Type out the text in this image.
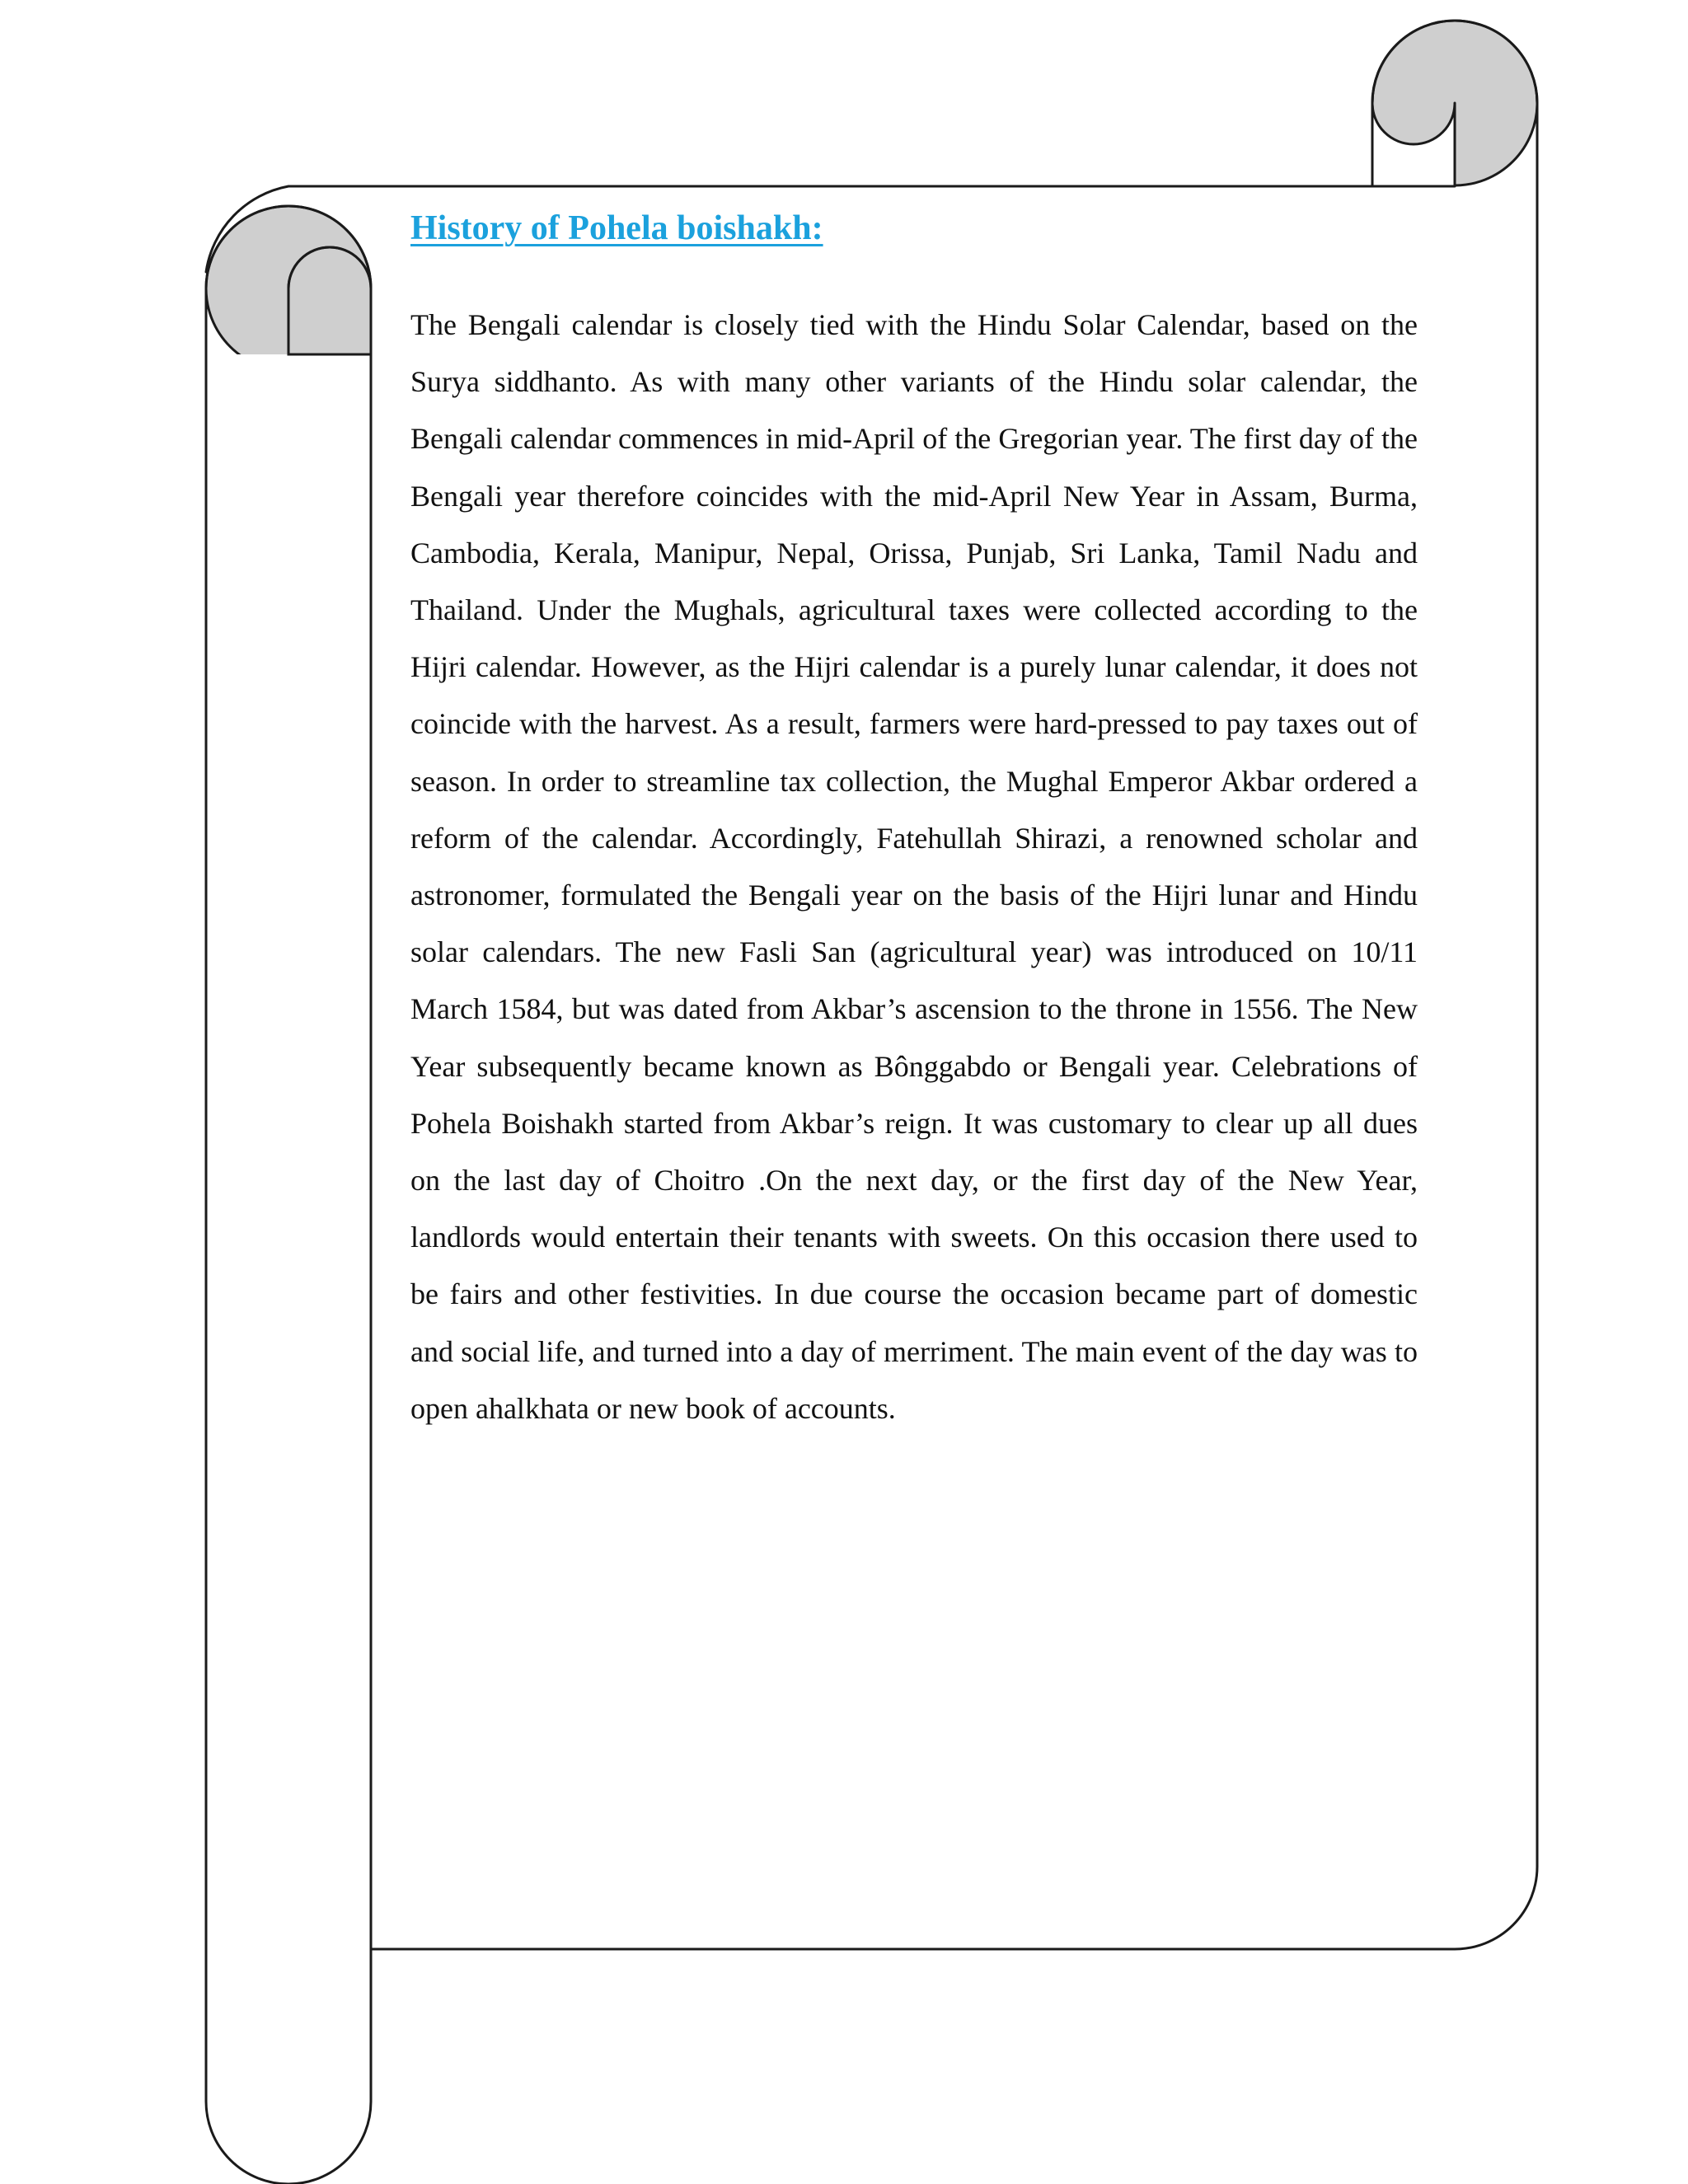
History of Pohela boishakh:

The Bengali calendar is closely tied with the Hindu Solar Calendar, based on the Surya siddhanto. As with many other variants of the Hindu solar calendar, the Bengali calendar commences in mid-April of the Gregorian year. The first day of the Bengali year therefore coincides with the mid-April New Year in Assam, Burma, Cambodia, Kerala, Manipur, Nepal, Orissa, Punjab, Sri Lanka, Tamil Nadu and Thailand. Under the Mughals, agricultural taxes were collected according to the Hijri calendar. However, as the Hijri calendar is a purely lunar calendar, it does not coincide with the harvest. As a result, farmers were hard-pressed to pay taxes out of season. In order to streamline tax collection, the Mughal Emperor Akbar ordered a reform of the calendar. Accordingly, Fatehullah Shirazi, a renowned scholar and astronomer, formulated the Bengali year on the basis of the Hijri lunar and Hindu solar calendars. The new Fasli San (agricultural year) was introduced on 10/11 March 1584, but was dated from Akbar’s ascension to the throne in 1556. The New Year subsequently became known as Bônggabdo or Bengali year. Celebrations of Pohela Boishakh started from Akbar’s reign. It was customary to clear up all dues on the last day of Choitro .On the next day, or the first day of the New Year, landlords would entertain their tenants with sweets. On this occasion there used to be fairs and other festivities. In due course the occasion became part of domestic and social life, and turned into a day of merriment. The main event of the day was to open ahalkhata or new book of accounts.
